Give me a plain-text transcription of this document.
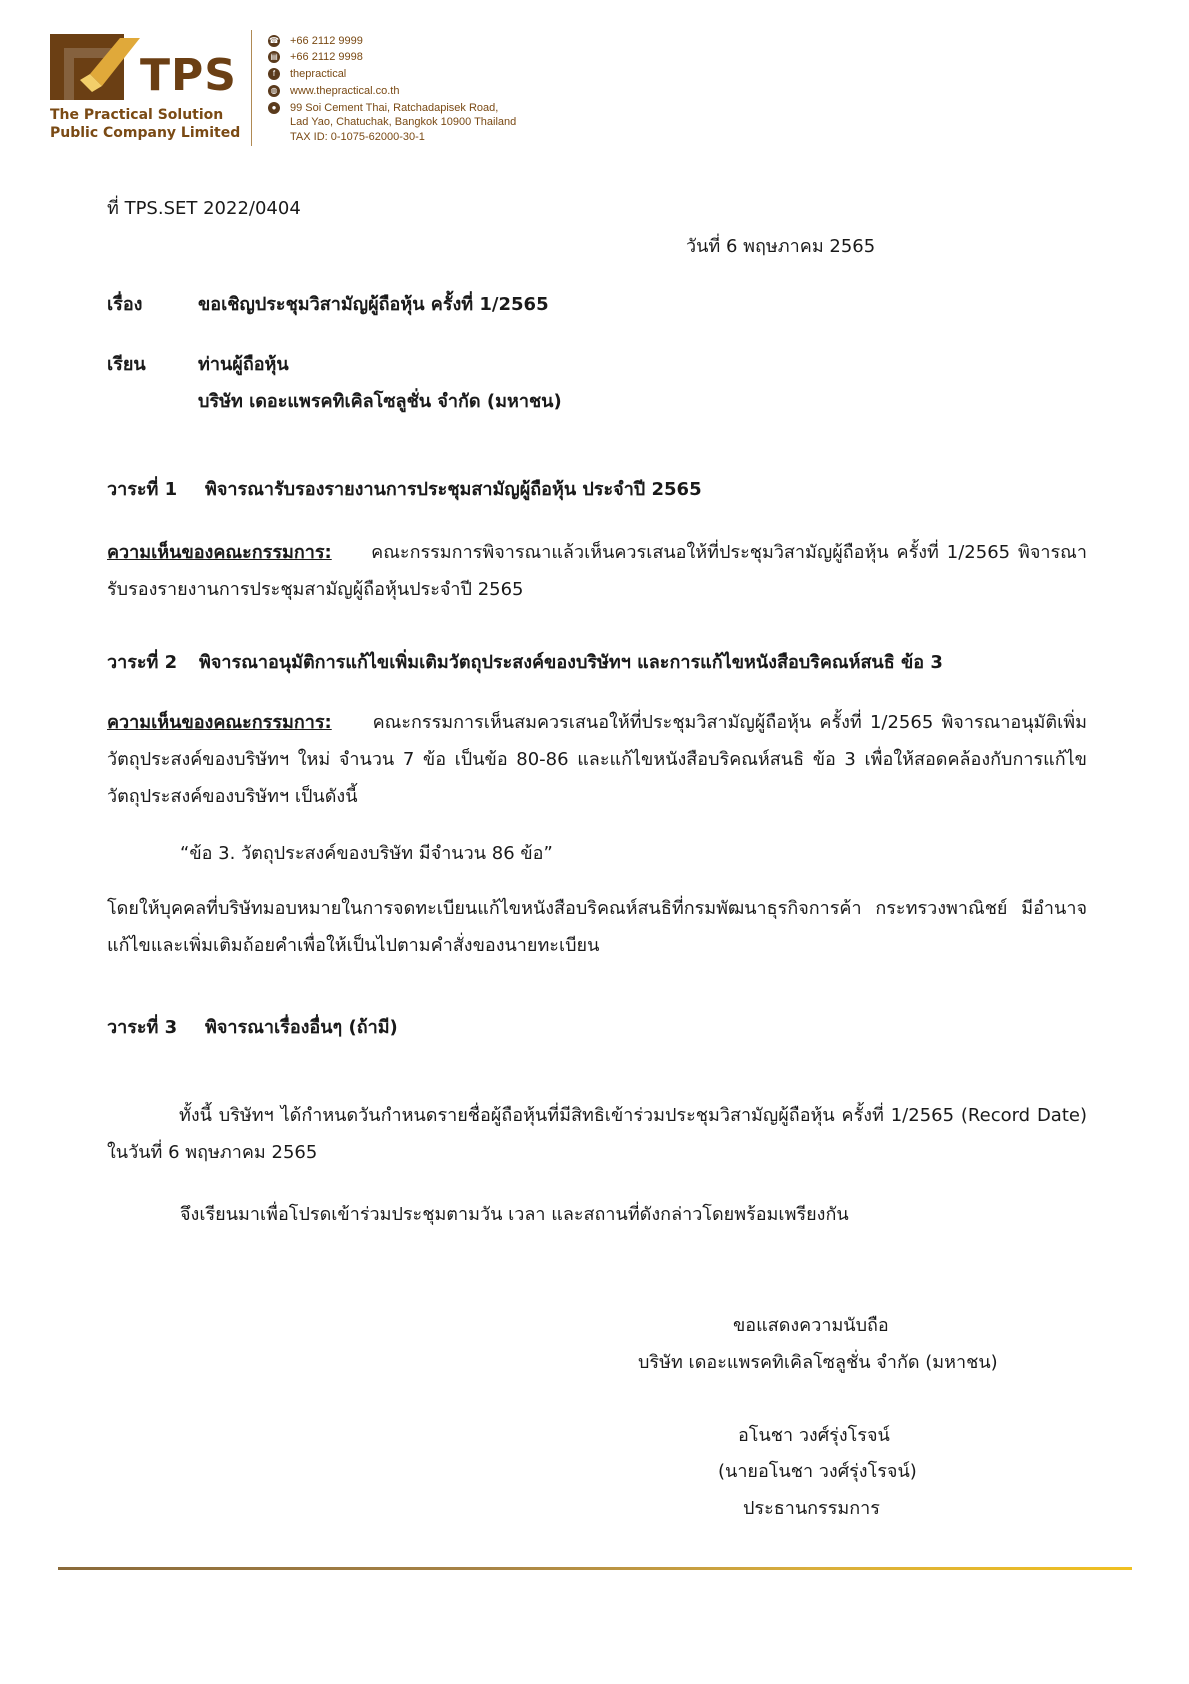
TPS
The Practical Solution
Public Company Limited
☎ +66 2112 9999
▤ +66 2112 9998
f	thepractical
◍ www.thepractical.co.th
●	99 Soi Cement Thai, Ratchadapisek Road,
Lad Yao, Chatuchak, Bangkok 10900 Thailand
TAX ID: 0-1075-62000-30-1
ที่ TPS.SET 2022/0404
วันที่ 6 พฤษภาคม 2565
เรื่อง	ขอเชิญประชุมวิสามัญผู้ถือหุ้น ครั้งที่ 1/2565
เรียน	ท่านผู้ถือหุ้น
บริษัท เดอะแพรคทิเคิลโซลูชั่น จำกัด (มหาชน)
วาระที่ 1 พิจารณารับรองรายงานการประชุมสามัญผู้ถือหุ้น ประจำปี 2565
ความเห็นของคณะกรรมการ: คณะกรรมการพิจารณาแล้วเห็นควรเสนอให้ที่ประชุมวิสามัญผู้ถือหุ้น ครั้งที่ 1/2565 พิจารณารับรองรายงานการประชุมสามัญผู้ถือหุ้นประจำปี 2565
วาระที่ 2 พิจารณาอนุมัติการแก้ไขเพิ่มเติมวัตถุประสงค์ของบริษัทฯ และการแก้ไขหนังสือบริคณห์สนธิ ข้อ 3
ความเห็นของคณะกรรมการ: คณะกรรมการเห็นสมควรเสนอให้ที่ประชุมวิสามัญผู้ถือหุ้น ครั้งที่ 1/2565 พิจารณาอนุมัติเพิ่มวัตถุประสงค์ของบริษัทฯ ใหม่ จำนวน 7 ข้อ เป็นข้อ 80-86 และแก้ไขหนังสือบริคณห์สนธิ ข้อ 3 เพื่อให้สอดคล้องกับการแก้ไขวัตถุประสงค์ของบริษัทฯ เป็นดังนี้
“ข้อ 3. วัตถุประสงค์ของบริษัท มีจำนวน 86 ข้อ”
โดยให้บุคคลที่บริษัทมอบหมายในการจดทะเบียนแก้ไขหนังสือบริคณห์สนธิที่กรมพัฒนาธุรกิจการค้า กระทรวงพาณิชย์ มีอำนาจแก้ไขและเพิ่มเติมถ้อยคำเพื่อให้เป็นไปตามคำสั่งของนายทะเบียน
วาระที่ 3 พิจารณาเรื่องอื่นๆ (ถ้ามี)
ทั้งนี้ บริษัทฯ ได้กำหนดวันกำหนดรายชื่อผู้ถือหุ้นที่มีสิทธิเข้าร่วมประชุมวิสามัญผู้ถือหุ้น ครั้งที่ 1/2565 (Record Date) ในวันที่ 6 พฤษภาคม 2565
จึงเรียนมาเพื่อโปรดเข้าร่วมประชุมตามวัน เวลา และสถานที่ดังกล่าวโดยพร้อมเพรียงกัน
ขอแสดงความนับถือ
บริษัท เดอะแพรคทิเคิลโซลูชั่น จำกัด (มหาชน)
อโนชา วงศ์รุ่งโรจน์
(นายอโนชา วงศ์รุ่งโรจน์)
ประธานกรรมการ
